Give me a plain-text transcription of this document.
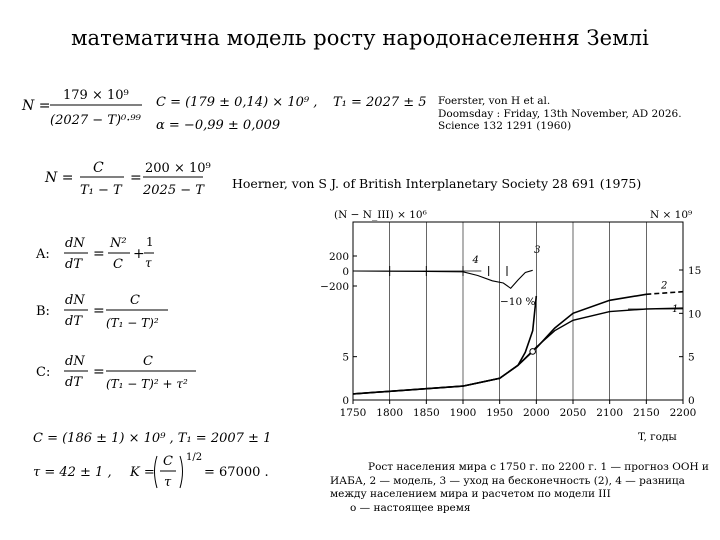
математична модель росту народонаселення Землі
Foerster, von H et al.
Doomsday : Friday, 13th November, AD 2026.
Science 132 1291 (1960)
Hoerner, von S J. of British Interplanetary Society 28 691 (1975)
N =
179 × 10⁹
(2027 − T)⁰·⁹⁹
C = (179 ± 0,14) × 10⁹ ,
α = −0,99 ± 0,009
T₁ = 2027 ± 5
N =
C
T₁ − T
=
200 × 10⁹
2025 − T
A:
dN
dT
=
N²
C
+
1
τ
B:
dN
dT
=
C
(T₁ − T)²
C:
dN
dT
=
C
(T₁ − T)² + τ²
C = (186 ± 1) × 10⁹ , T₁ = 2007 ± 1
τ = 42 ± 1 , K =
C
τ
1/2
= 67000 .
(N − N_III) × 10⁶	N × 10⁹
T, годы
−10 %
1750 1800 1850 1900 1950 2000 2050 2100 2150 2200
200
0
−200
5
0
15
10
5
0
1
2
3
4
Рост населения мира с 1750 г. по 2200 г. 1 — прогноз ООН и
ИАБА, 2 — модель, 3 — уход на бесконечность (2), 4 — разница
между населением мира и расчетом по модели III
о — настоящее время
